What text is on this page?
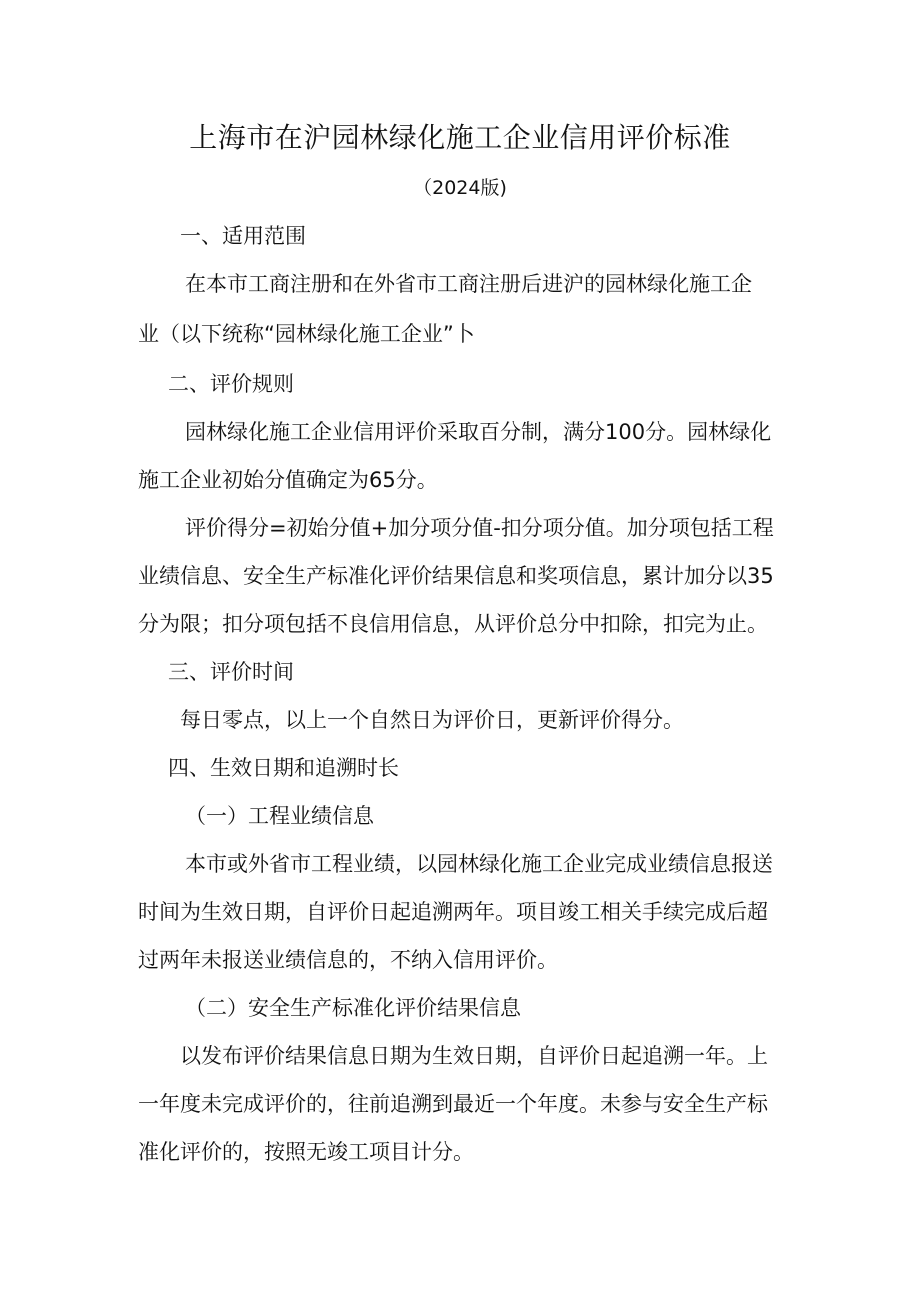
上海市在沪园林绿化施工企业信用评价标准
（2024版)
一、适用范围
在本市工商注册和在外省市工商注册后进沪的园林绿化施工企
业（以下统称“园林绿化施工企业”卜
二、评价规则
园林绿化施工企业信用评价采取百分制，满分100分。园林绿化
施工企业初始分值确定为65分。
评价得分=初始分值+加分项分值-扣分项分值。加分项包括工程
业绩信息、安全生产标准化评价结果信息和奖项信息，累计加分以35
分为限；扣分项包括不良信用信息，从评价总分中扣除，扣完为止。
三、评价时间
每日零点，以上一个自然日为评价日，更新评价得分。
四、生效日期和追溯时长
（一）工程业绩信息
本市或外省市工程业绩，以园林绿化施工企业完成业绩信息报送
时间为生效日期，自评价日起追溯两年。项目竣工相关手续完成后超
过两年未报送业绩信息的，不纳入信用评价。
（二）安全生产标准化评价结果信息
以发布评价结果信息日期为生效日期，自评价日起追溯一年。上
一年度未完成评价的，往前追溯到最近一个年度。未参与安全生产标
准化评价的，按照无竣工项目计分。
